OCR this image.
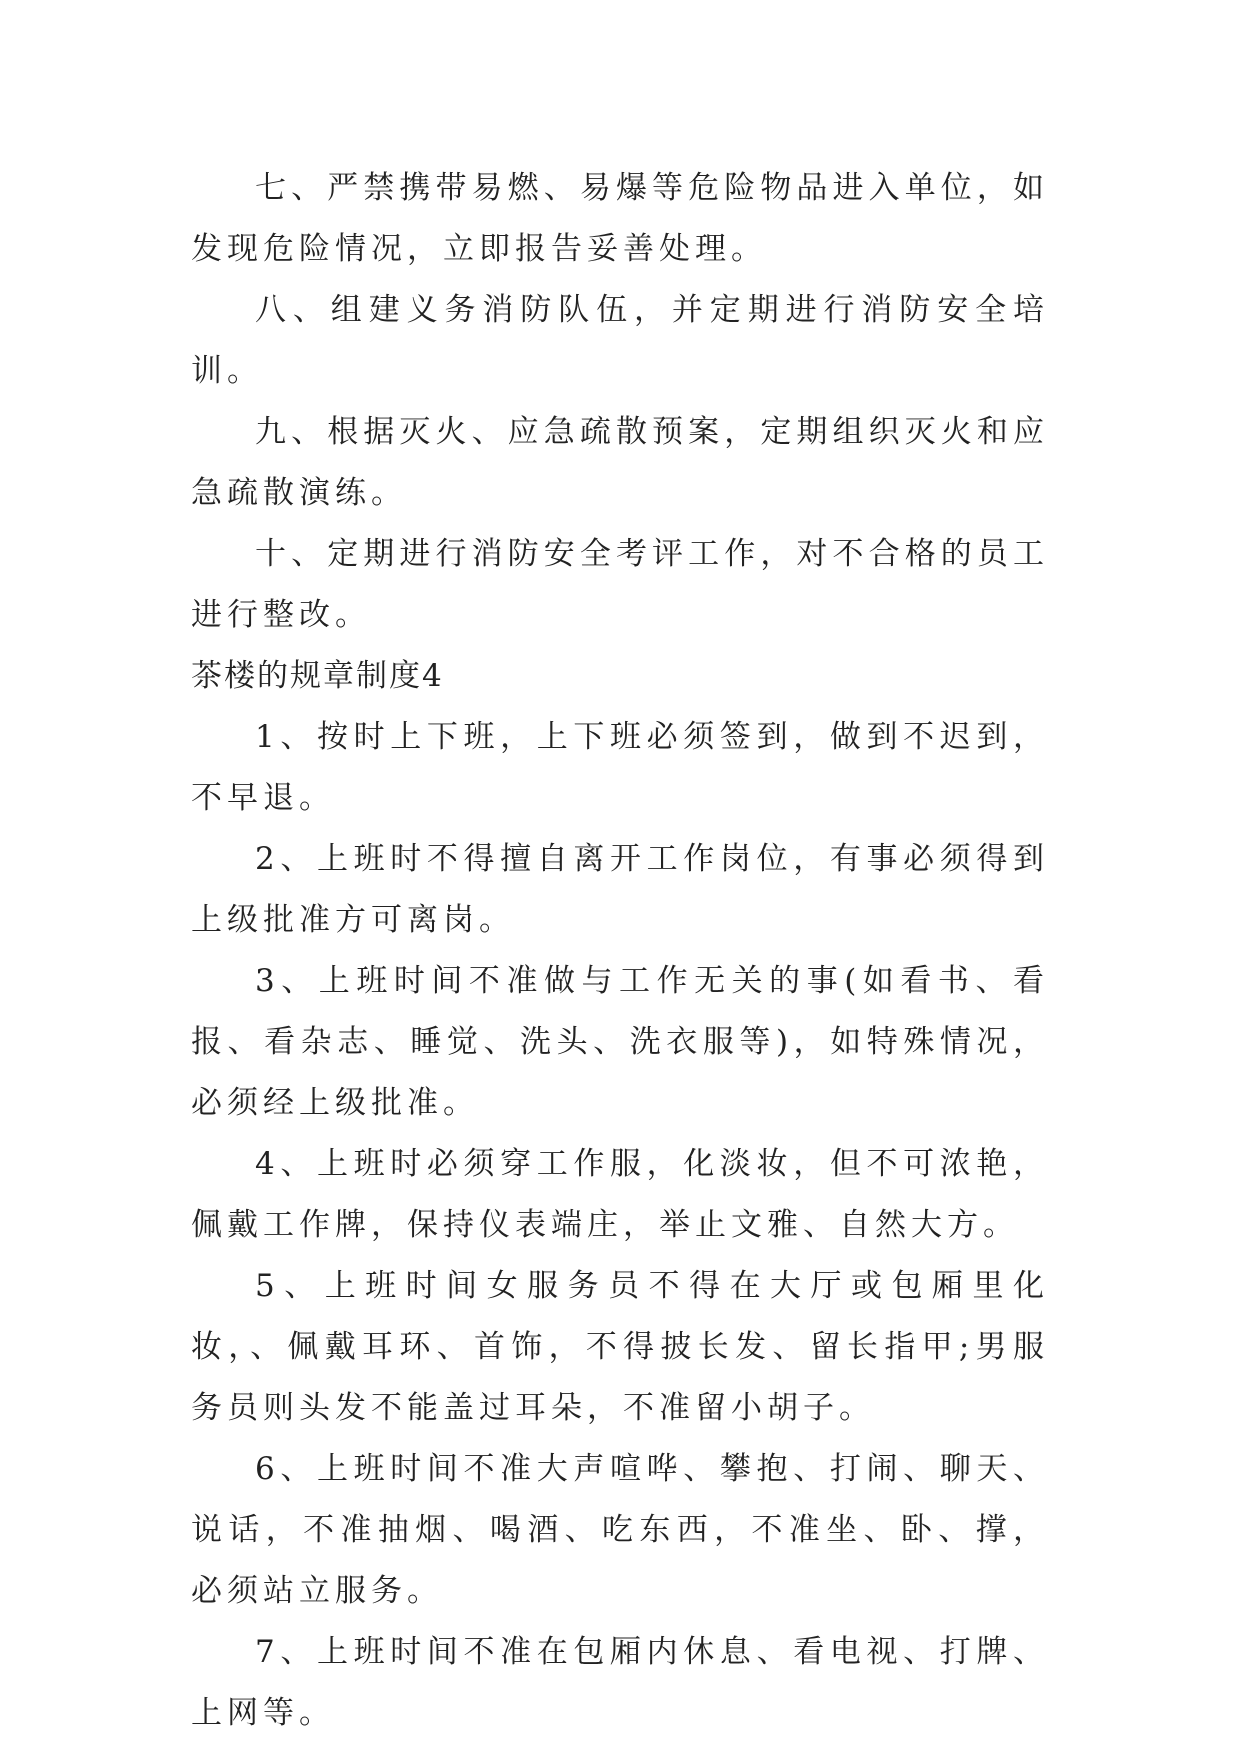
七、严禁携带易燃、易爆等危险物品进入单位，如发现危险情况，立即报告妥善处理。

八、组建义务消防队伍，并定期进行消防安全培训。

九、根据灭火、应急疏散预案，定期组织灭火和应急疏散演练。

十、定期进行消防安全考评工作，对不合格的员工进行整改。

茶楼的规章制度4

1、按时上下班，上下班必须签到，做到不迟到，不早退。

2、上班时不得擅自离开工作岗位，有事必须得到上级批准方可离岗。

3、上班时间不准做与工作无关的事(如看书、看报、看杂志、睡觉、洗头、洗衣服等)，如特殊情况，必须经上级批准。

4、上班时必须穿工作服，化淡妆，但不可浓艳，佩戴工作牌，保持仪表端庄，举止文雅、自然大方。

5、上班时间女服务员不得在大厅或包厢里化妆，、佩戴耳环、首饰，不得披长发、留长指甲;男服务员则头发不能盖过耳朵，不准留小胡子。

6、上班时间不准大声喧哗、攀抱、打闹、聊天、说话，不准抽烟、喝酒、吃东西，不准坐、卧、撑，必须站立服务。

7、上班时间不准在包厢内休息、看电视、打牌、上网等。
